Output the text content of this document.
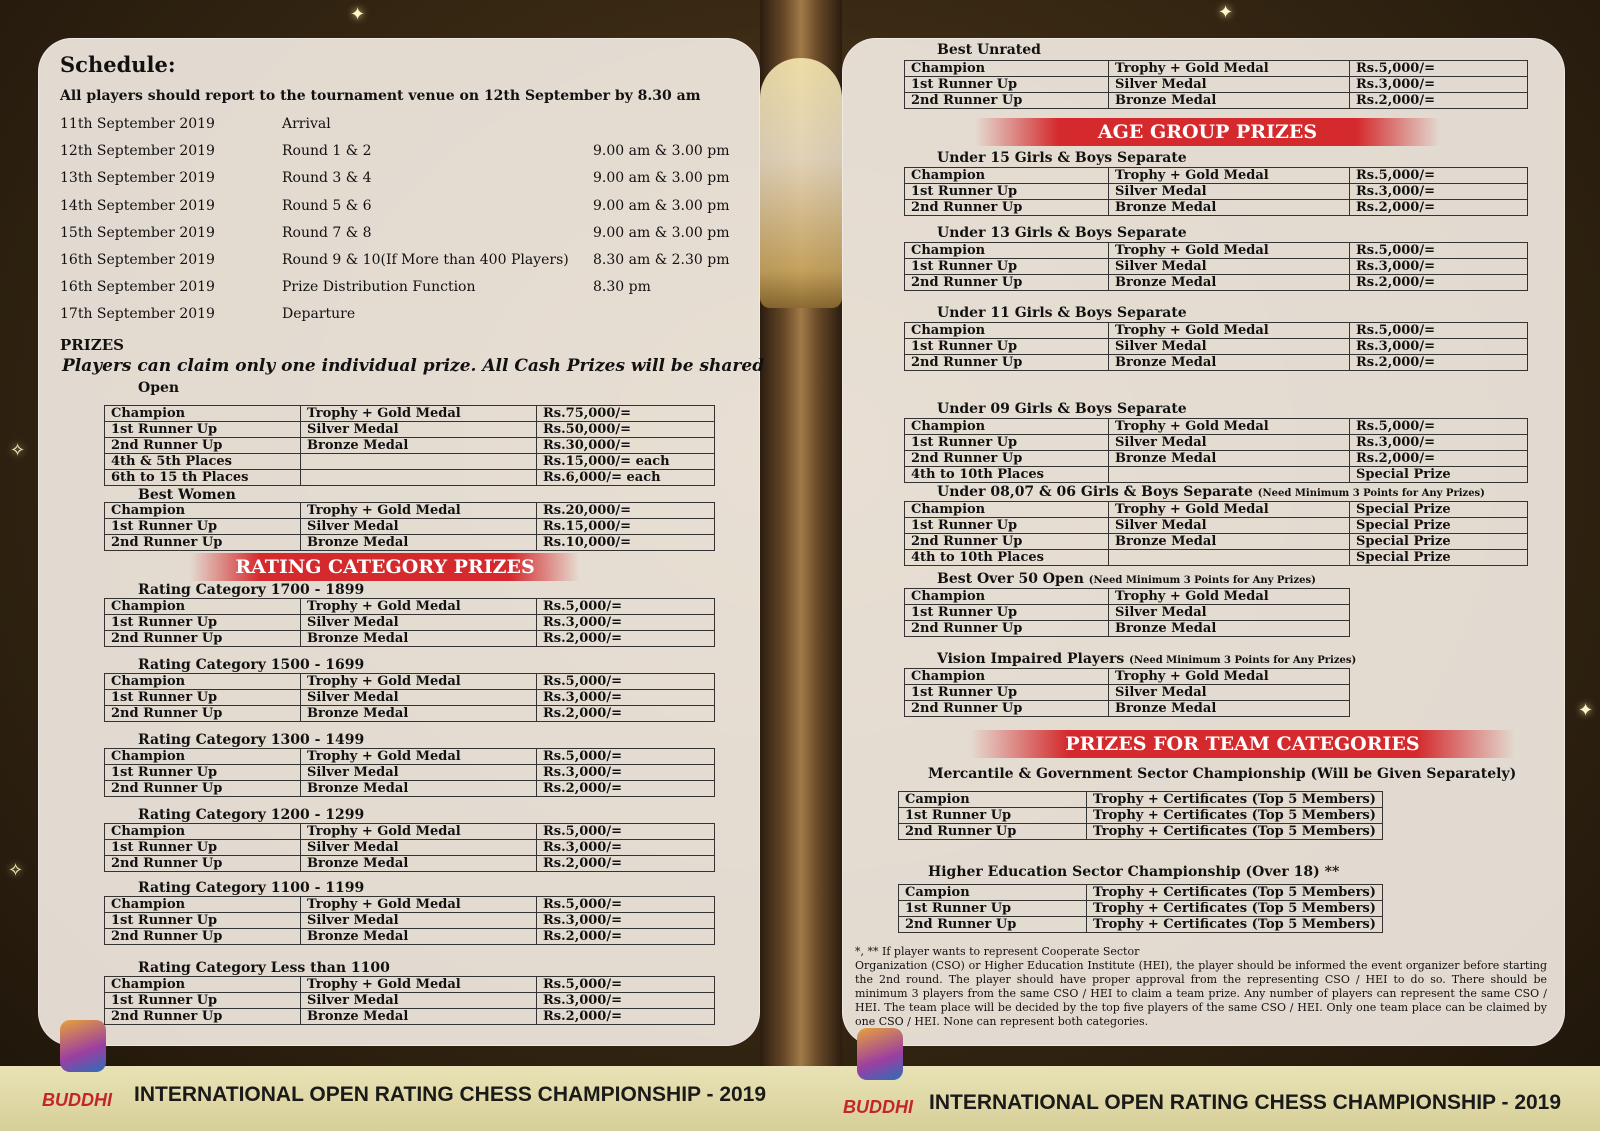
✦	✦
✧
✦
✧
Schedule:
All players should report to the tournament venue on 12th September by 8.30 am
11th September 2019	Arrival
12th September 2019	Round 1 & 2	9.00 am & 3.00 pm
13th September 2019	Round 3 & 4	9.00 am & 3.00 pm
14th September 2019	Round 5 & 6	9.00 am & 3.00 pm
15th September 2019	Round 7 & 8	9.00 am & 3.00 pm
16th September 2019	Round 9 & 10(If More than 400 Players) 8.30 am & 2.30 pm
16th September 2019	Prize Distribution Function	8.30 pm
17th September 2019	Departure
PRIZES
Players can claim only one individual prize. All Cash Prizes will be shared
Open
Best Women
RATING CATEGORY PRIZES
Best Unrated
AGE GROUP PRIZES
Under 09 Girls & Boys Separate
Under 08,07 & 06 Girls & Boys Separate (Need Minimum 3 Points for Any Prizes)
Best Over 50 Open (Need Minimum 3 Points for Any Prizes)
Vision Impaired Players (Need Minimum 3 Points for Any Prizes)
PRIZES FOR TEAM CATEGORIES
Mercantile & Government Sector Championship (Will be Given Separately)
Higher Education Sector Championship (Over 18) **
*, ** If player wants to represent Cooperate Sector
Organization (CSO) or Higher Education Institute (HEI), the player should be informed the event organizer before starting the 2nd round. The player should have proper approval from the representing CSO / HEI to do so. There should be minimum 3 players from the same CSO / HEI to claim a team prize. Any number of players can represent the same CSO / HEI. The team place will be decided by the top five players of the same CSO / HEI. Only one team place can be claimed by one CSO / HEI. None can represent both categories.
BUDDHI INTERNATIONAL OPEN RATING CHESS CHAMPIONSHIP - 2019
BUDDHI INTERNATIONAL OPEN RATING CHESS CHAMPIONSHIP - 2019
Champion	Trophy + Gold Medal	Rs.75,000/=
1st Runner Up	Silver Medal	Rs.50,000/=
2nd Runner Up	Bronze Medal	Rs.30,000/=
4th & 5th Places		Rs.15,000/= each
6th to 15 th Places		Rs.6,000/= each
Champion	Trophy + Gold Medal	Rs.20,000/=
1st Runner Up	Silver Medal	Rs.15,000/=
2nd Runner Up	Bronze Medal	Rs.10,000/=
Rating Category 1700 - 1899
Champion	Trophy + Gold Medal	Rs.5,000/=
1st Runner Up	Silver Medal	Rs.3,000/=
2nd Runner Up	Bronze Medal	Rs.2,000/=
Rating Category 1500 - 1699
Champion	Trophy + Gold Medal	Rs.5,000/=
1st Runner Up	Silver Medal	Rs.3,000/=
2nd Runner Up	Bronze Medal	Rs.2,000/=
Rating Category 1300 - 1499
Champion	Trophy + Gold Medal	Rs.5,000/=
1st Runner Up	Silver Medal	Rs.3,000/=
2nd Runner Up	Bronze Medal	Rs.2,000/=
Rating Category 1200 - 1299
Champion	Trophy + Gold Medal	Rs.5,000/=
1st Runner Up	Silver Medal	Rs.3,000/=
2nd Runner Up	Bronze Medal	Rs.2,000/=
Rating Category 1100 - 1199
Champion	Trophy + Gold Medal	Rs.5,000/=
1st Runner Up	Silver Medal	Rs.3,000/=
2nd Runner Up	Bronze Medal	Rs.2,000/=
Rating Category Less than 1100
Champion	Trophy + Gold Medal	Rs.5,000/=
1st Runner Up	Silver Medal	Rs.3,000/=
2nd Runner Up	Bronze Medal	Rs.2,000/=
Champion	Trophy + Gold Medal	Rs.5,000/=
1st Runner Up	Silver Medal	Rs.3,000/=
2nd Runner Up	Bronze Medal	Rs.2,000/=
Under 15 Girls & Boys Separate
Champion	Trophy + Gold Medal	Rs.5,000/=
1st Runner Up	Silver Medal	Rs.3,000/=
2nd Runner Up	Bronze Medal	Rs.2,000/=
Under 13 Girls & Boys Separate
Champion	Trophy + Gold Medal	Rs.5,000/=
1st Runner Up	Silver Medal	Rs.3,000/=
2nd Runner Up	Bronze Medal	Rs.2,000/=
Under 11 Girls & Boys Separate
Champion	Trophy + Gold Medal	Rs.5,000/=
1st Runner Up	Silver Medal	Rs.3,000/=
2nd Runner Up	Bronze Medal	Rs.2,000/=
Champion	Trophy + Gold Medal	Rs.5,000/=
1st Runner Up	Silver Medal	Rs.3,000/=
2nd Runner Up	Bronze Medal	Rs.2,000/=
4th to 10th Places		Special Prize
Champion	Trophy + Gold Medal	Special Prize
1st Runner Up	Silver Medal	Special Prize
2nd Runner Up	Bronze Medal	Special Prize
4th to 10th Places		Special Prize
Champion	Trophy + Gold Medal
1st Runner Up	Silver Medal
2nd Runner Up	Bronze Medal
Champion	Trophy + Gold Medal
1st Runner Up	Silver Medal
2nd Runner Up	Bronze Medal
Campion	Trophy + Certificates (Top 5 Members)
1st Runner Up	Trophy + Certificates (Top 5 Members)
2nd Runner Up	Trophy + Certificates (Top 5 Members)
Campion	Trophy + Certificates (Top 5 Members)
1st Runner Up	Trophy + Certificates (Top 5 Members)
2nd Runner Up	Trophy + Certificates (Top 5 Members)
